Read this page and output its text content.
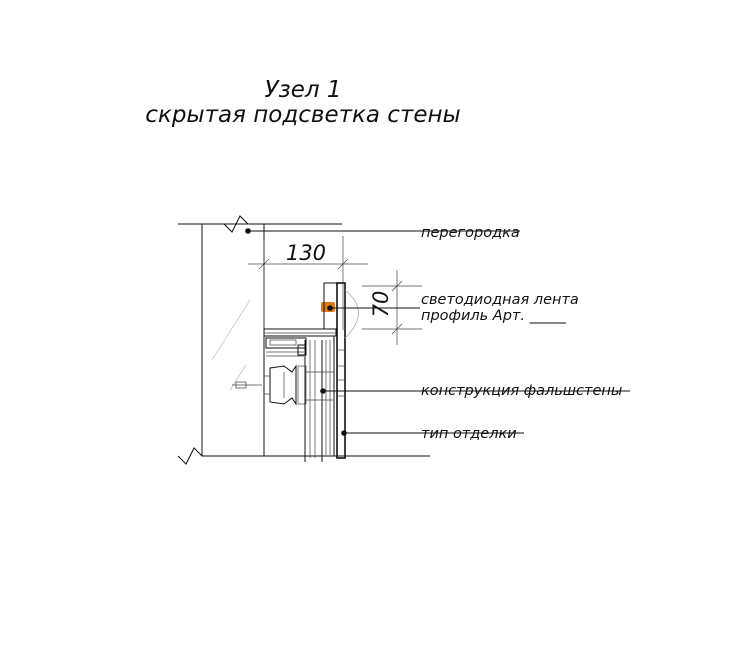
Узел 1
скрытая подсветка стены
130
70
перегородка
светодиодная лента
профиль Арт. _____
конструкция фальшстены
тип отделки
